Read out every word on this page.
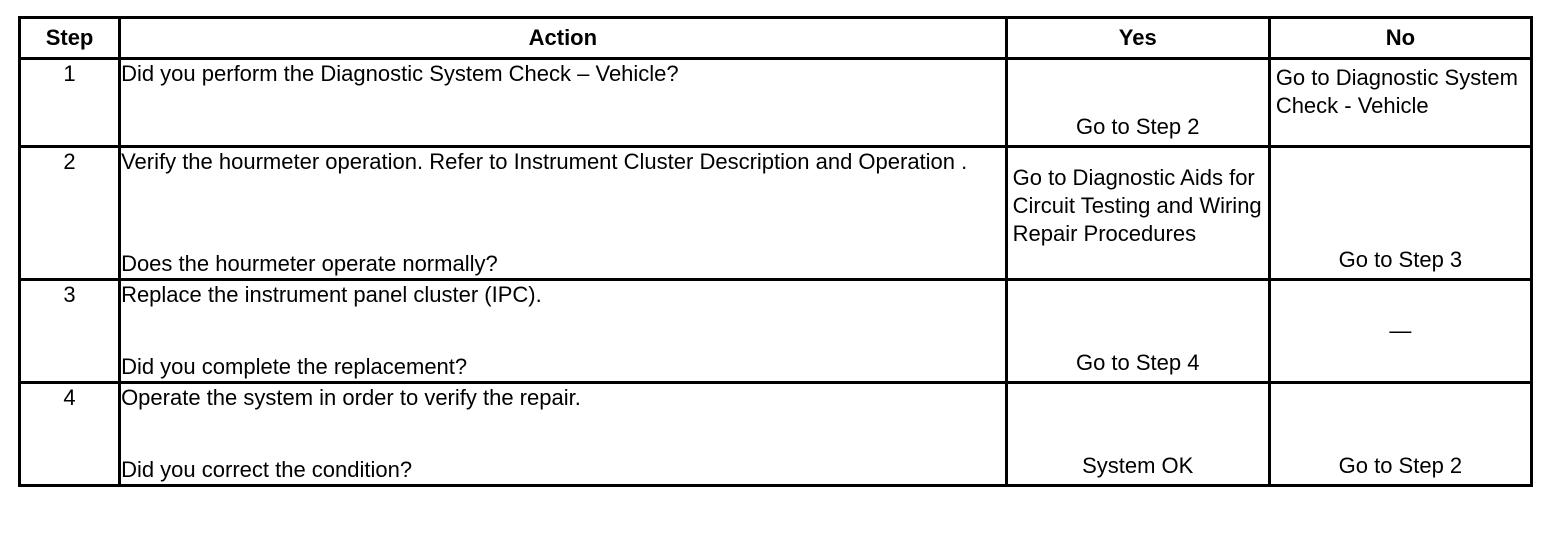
Step	Action	Yes	No
1	Did you perform the Diagnostic System Check – Vehicle?	Go to Step 2	Go to Diagnostic System Check - Vehicle

2	Verify the hourmeter operation. Refer to Instrument Cluster Description and Operation .
Does the hourmeter operate normally?	Go to Diagnostic Aids for Circuit Testing and Wiring Repair Procedures	Go to Step 3

3	Replace the instrument panel cluster (IPC).
Did you complete the replacement?	Go to Step 4	—

4	Operate the system in order to verify the repair.
Did you correct the condition?	System OK	Go to Step 2
